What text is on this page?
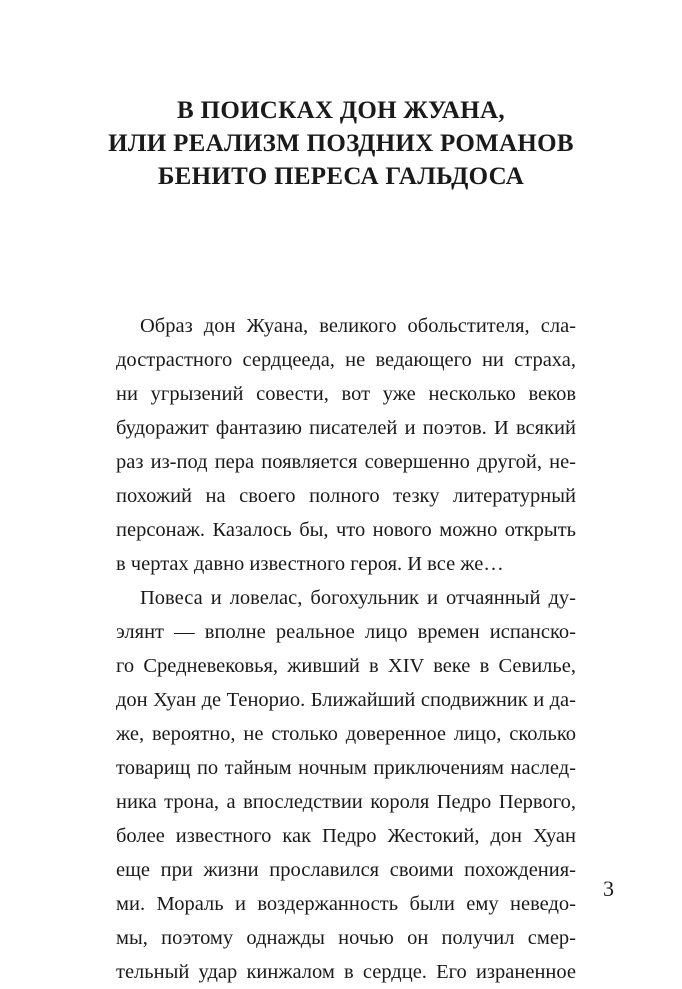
В ПОИСКАХ ДОН ЖУАНА,
ИЛИ РЕАЛИЗМ ПОЗДНИХ РОМАНОВ
БЕНИТО ПЕРЕСА ГАЛЬДОСА
Образ дон Жуана, великого обольстителя, сла-
дострастного сердцееда, не ведающего ни страха,
ни угрызений совести, вот уже несколько веков
будоражит фантазию писателей и поэтов. И всякий
раз из-под пера появляется совершенно другой, не-
похожий на своего полного тезку литературный
персонаж. Казалось бы, что нового можно открыть
в чертах давно известного героя. И все же…
Повеса и ловелас, богохульник и отчаянный ду-
элянт — вполне реальное лицо времен испанско-
го Средневековья, живший в XIV веке в Севилье,
дон Хуан де Тенорио. Ближайший сподвижник и да-
же, вероятно, не столько доверенное лицо, сколько
товарищ по тайным ночным приключениям наслед-
ника трона, а впоследствии короля Педро Первого,
более известного как Педро Жестокий, дон Хуан
еще при жизни прославился своими похождения-
ми. Мораль и воздержанность были ему неведо-
мы, поэтому однажды ночью он получил смер-
тельный удар кинжалом в сердце. Его израненное
3
